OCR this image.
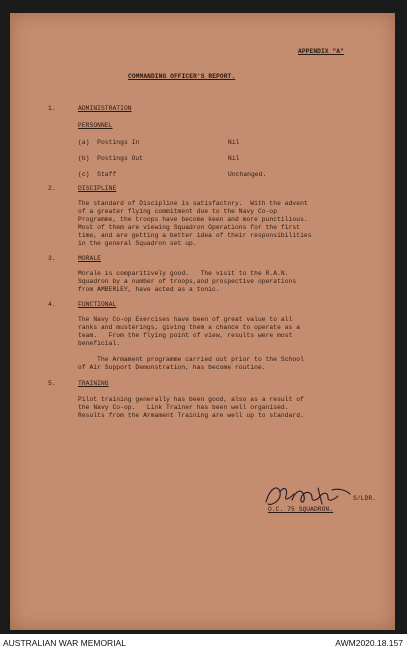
APPENDIX "A"
COMMANDING OFFICER'S REPORT.
1.	ADMINISTRATION
PERSONNEL
(a)  Postings In	Nil
(b)  Postings Out	Nil
(c)  Staff	Unchanged.
2.	DISCIPLINE
The standard of Discipline is satisfactory.  With the advent
of a greater flying commitment due to the Navy Co-op
Programme, the troops have become keen and more punctilious.
Most of them are viewing Squadron Operations for the first
time, and are getting a better idea of their responsibilities
in the general Squadron set up.
3.	MORALE
Morale is comparitively good.   The visit to the R.A.N.
Squadron by a number of troops,and prospective operations
from AMBERLEY, have acted as a tonic.
4.	FUNCTIONAL
The Navy Co-op Exercises have been of great value to all
ranks and musterings, giving them a chance to operate as a
team.   From the flying point of view, results were most
beneficial.
The Armament programme carried out prior to the School
of Air Support Demonstration, has become routine.
5.	TRAINING
Pilot training generally has been good, also as a result of
the Navy Co-op.   Link Trainer has been well organised.
Results from the Armament Training are well up to standard.
S/LDR.
O.C. 75 SQUADRON.
AUSTRALIAN WAR MEMORIAL	AWM2020.18.157
